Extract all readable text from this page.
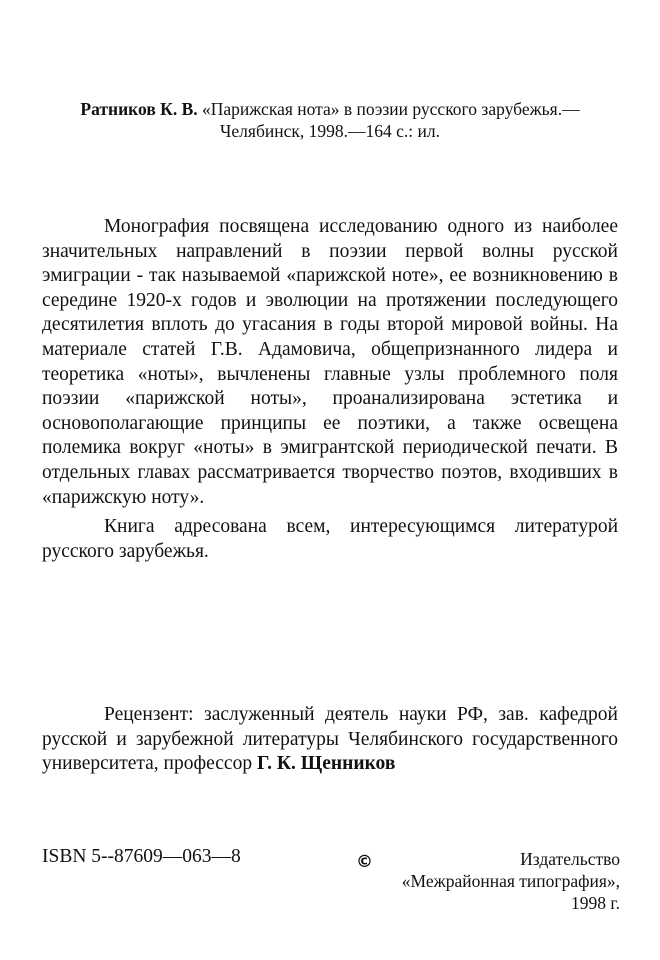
Ратников К. В. «Парижская нота» в поэзии русского зарубежья.—
Челябинск, 1998.—164 с.: ил.

Монография посвящена исследованию одного из наиболее значительных направлений в поэзии первой волны русской эмиграции - так называемой «парижской ноте», ее возникновению в середине 1920-х годов и эволюции на протяжении последующего десятилетия вплоть до угасания в годы второй мировой войны. На материале статей Г.В. Адамовича, общепризнанного лидера и теоретика «ноты», вычленены главные узлы проблемного поля поэзии «парижской ноты», проанализирована эстетика и основополагающие принципы ее поэтики, а также освещена полемика вокруг «ноты» в эмигрантской периодической печати. В отдельных главах рассматривается творчество поэтов, входивших в «парижскую ноту».

Книга адресована всем, интересующимся литературой русского зарубежья.

Рецензент: заслуженный деятель науки РФ, зав. кафедрой русской и зарубежной литературы Челябинского государственного университета, профессор Г. К. Щенников
ISBN 5-‑87609—063—8	©	Издательство
«Межрайонная типография»,
1998 г.
